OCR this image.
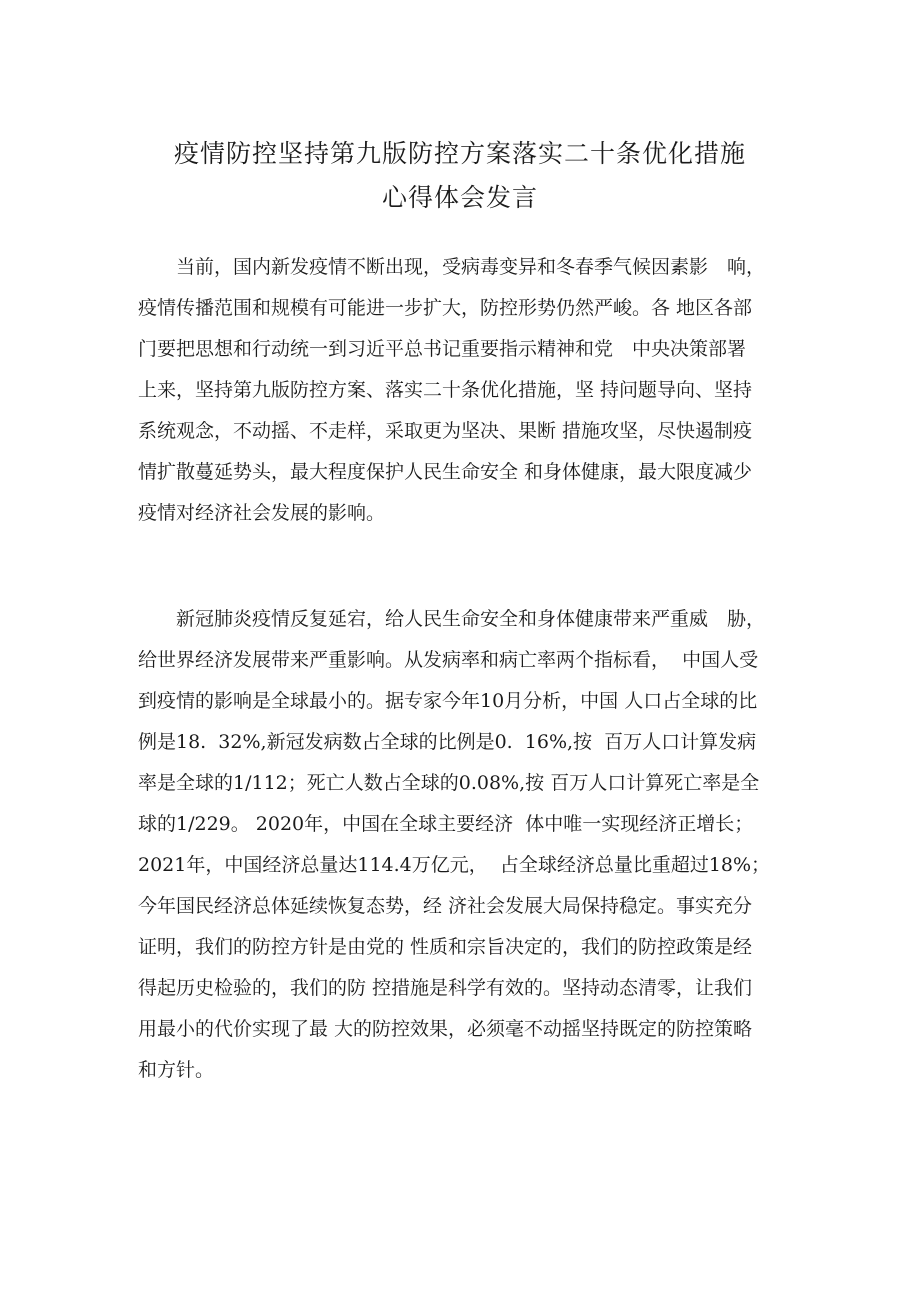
疫情防控坚持第九版防控方案落实二十条优化措施
心得体会发言
当前，国内新发疫情不断出现，受病毒变异和冬春季气候因素影　响，
疫情传播范围和规模有可能进一步扩大，防控形势仍然严峻。各 地区各部
门要把思想和行动统一到习近平总书记重要指示精神和党　中央决策部署
上来，坚持第九版防控方案、落实二十条优化措施，坚 持问题导向、坚持
系统观念，不动摇、不走样，采取更为坚决、果断 措施攻坚，尽快遏制疫
情扩散蔓延势头，最大程度保护人民生命安全 和身体健康，最大限度减少
疫情对经济社会发展的影响。
新冠肺炎疫情反复延宕，给人民生命安全和身体健康带来严重威　胁，
给世界经济发展带来严重影响。从发病率和病亡率两个指标看，  中国人受
到疫情的影响是全球最小的。据专家今年10月分析，中国 人口占全球的比
例是18.  32%,新冠发病数占全球的比例是0.  16%,按  百万人口计算发病
率是全球的1/112；死亡人数占全球的0.08%,按 百万人口计算死亡率是全
球的1/229。 2020年，中国在全球主要经济  体中唯一实现经济正增长；
2021年，中国经济总量达114.4万亿元，  占全球经济总量比重超过18%；
今年国民经济总体延续恢复态势，经 济社会发展大局保持稳定。事实充分
证明，我们的防控方针是由党的 性质和宗旨决定的，我们的防控政策是经
得起历史检验的，我们的防 控措施是科学有效的。坚持动态清零，让我们
用最小的代价实现了最 大的防控效果，必须毫不动摇坚持既定的防控策略
和方针。
